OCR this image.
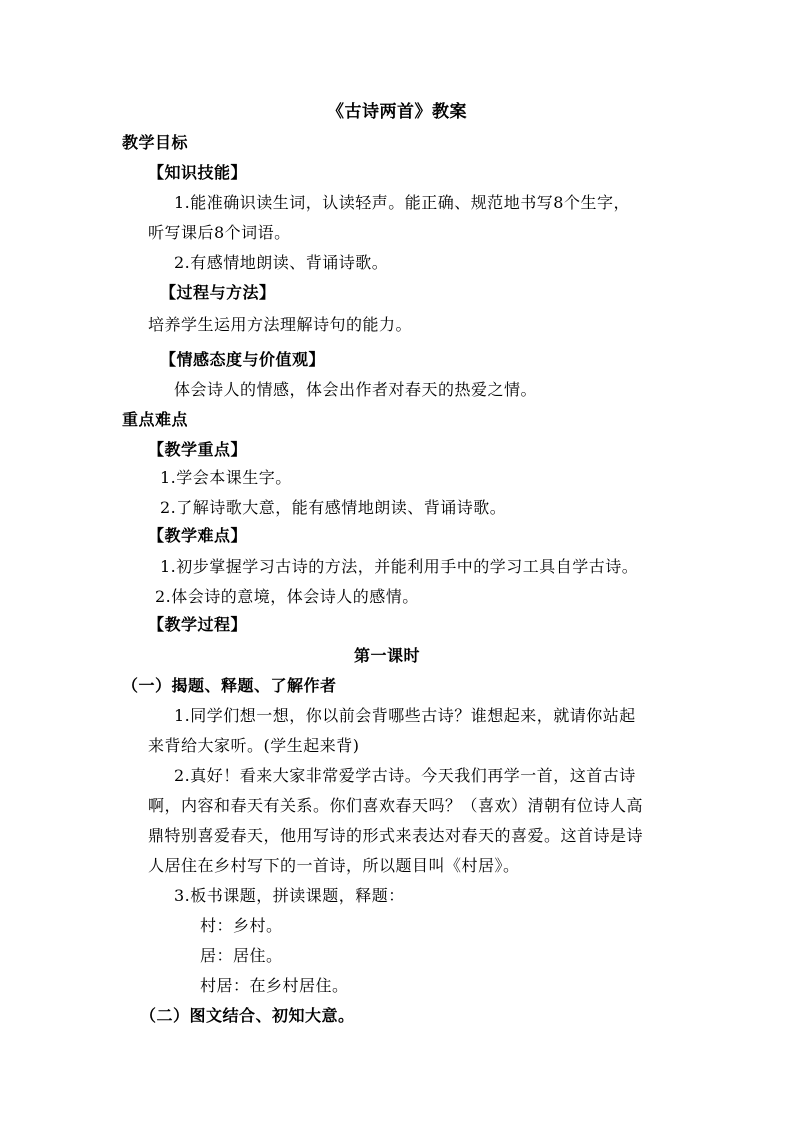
《古诗两首》教案
教学目标
【知识技能】
1.能准确识读生词，认读轻声。能正确、规范地书写8个生字，
听写课后8个词语。
2.有感情地朗读、背诵诗歌。
【过程与方法】
培养学生运用方法理解诗句的能力。
【情感态度与价值观】
体会诗人的情感，体会出作者对春天的热爱之情。
重点难点
【教学重点】
1.学会本课生字。
2.了解诗歌大意，能有感情地朗读、背诵诗歌。
【教学难点】
1.初步掌握学习古诗的方法，并能利用手中的学习工具自学古诗。
2.体会诗的意境，体会诗人的感情。
【教学过程】
第一课时
（一）揭题、释题、了解作者
1.同学们想一想，你以前会背哪些古诗？谁想起来，就请你站起
来背给大家听。(学生起来背)
2.真好！看来大家非常爱学古诗。今天我们再学一首，这首古诗
啊，内容和春天有关系。你们喜欢春天吗？（喜欢）清朝有位诗人高
鼎特别喜爱春天，他用写诗的形式来表达对春天的喜爱。这首诗是诗
人居住在乡村写下的一首诗，所以题目叫《村居》。
3.板书课题，拼读课题，释题：
村：乡村。
居：居住。
村居：在乡村居住。
（二）图文结合、初知大意。
